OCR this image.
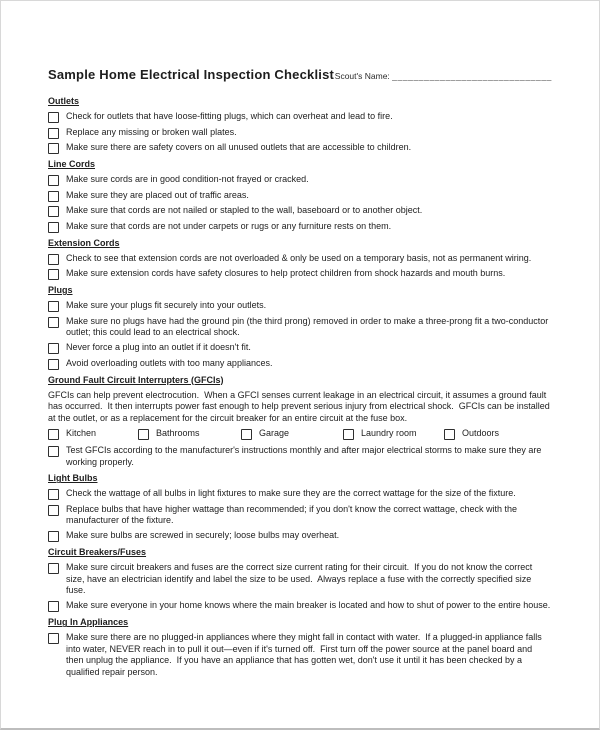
Sample Home Electrical Inspection Checklist Scout's Name: ______________________________
Outlets
Check for outlets that have loose-fitting plugs, which can overheat and lead to fire.
Replace any missing or broken wall plates.
Make sure there are safety covers on all unused outlets that are accessible to children.
Line Cords
Make sure cords are in good condition-not frayed or cracked.
Make sure they are placed out of traffic areas.
Make sure that cords are not nailed or stapled to the wall, baseboard or to another object.
Make sure that cords are not under carpets or rugs or any furniture rests on them.
Extension Cords
Check to see that extension cords are not overloaded & only be used on a temporary basis, not as permanent wiring.
Make sure extension cords have safety closures to help protect children from shock hazards and mouth burns.
Plugs
Make sure your plugs fit securely into your outlets.
Make sure no plugs have had the ground pin (the third prong) removed in order to make a three-prong fit a two-conductor outlet; this could lead to an electrical shock.
Never force a plug into an outlet if it doesn't fit.
Avoid overloading outlets with too many appliances.
Ground Fault Circuit Interrupters (GFCIs)

GFCIs can help prevent electrocution.  When a GFCI senses current leakage in an electrical circuit, it assumes a ground fault has occurred.  It then interrupts power fast enough to help prevent serious injury from electrical shock.  GFCIs can be installed at the outlet, or as a replacement for the circuit breaker for an entire circuit at the fuse box.

Kitchen	Bathrooms	Garage	Laundry room	Outdoors
Test GFCIs according to the manufacturer's instructions monthly and after major electrical storms to make sure they are working properly.
Light Bulbs
Check the wattage of all bulbs in light fixtures to make sure they are the correct wattage for the size of the fixture.
Replace bulbs that have higher wattage than recommended; if you don't know the correct wattage, check with the manufacturer of the fixture.
Make sure bulbs are screwed in securely; loose bulbs may overheat.
Circuit Breakers/Fuses
Make sure circuit breakers and fuses are the correct size current rating for their circuit.  If you do not know the correct size, have an electrician identify and label the size to be used.  Always replace a fuse with the correctly specified size fuse.
Make sure everyone in your home knows where the main breaker is located and how to shut of power to the entire house.
Plug In Appliances
Make sure there are no plugged-in appliances where they might fall in contact with water.  If a plugged-in appliance falls into water, NEVER reach in to pull it out—even if it's turned off.  First turn off the power source at the panel board and then unplug the appliance.  If you have an appliance that has gotten wet, don't use it until it has been checked by a qualified repair person.
